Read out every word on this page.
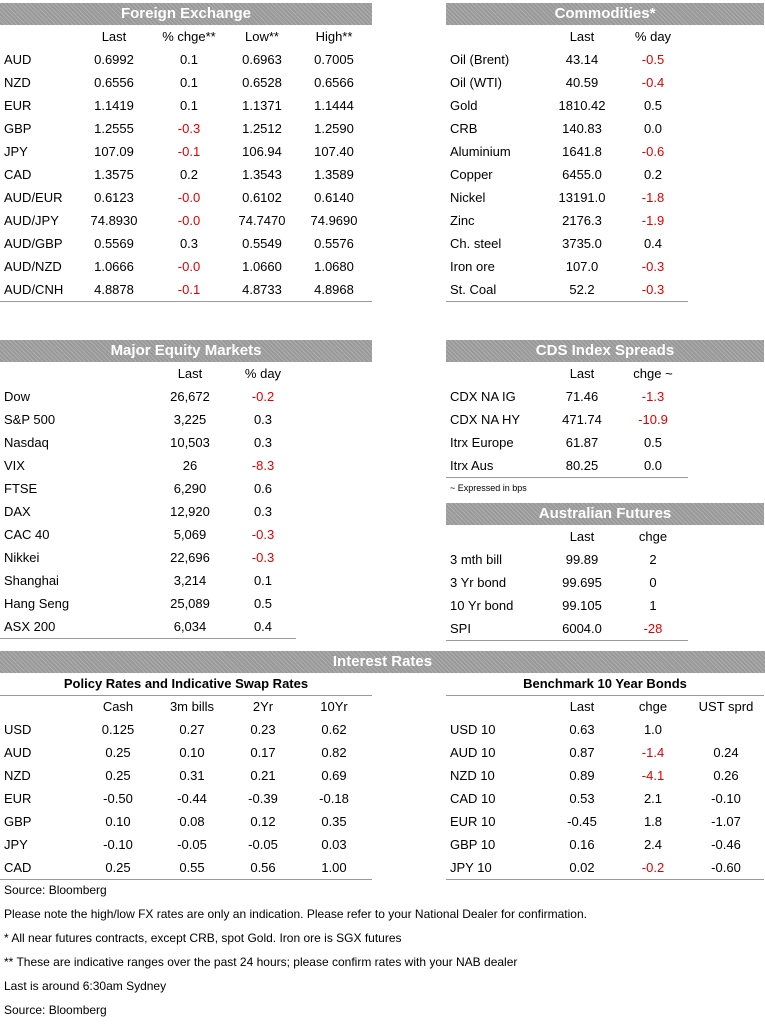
Foreign Exchange
	Last	% chge**	Low**	High**
AUD	0.6992	0.1	0.6963	0.7005
NZD	0.6556	0.1	0.6528	0.6566
EUR	1.1419	0.1	1.1371	1.1444
GBP	1.2555	-0.3	1.2512	1.2590
JPY	107.09	-0.1	106.94	107.40
CAD	1.3575	0.2	1.3543	1.3589
AUD/EUR	0.6123	-0.0	0.6102	0.6140
AUD/JPY	74.8930	-0.0	74.7470	74.9690
AUD/GBP	0.5569	0.3	0.5549	0.5576
AUD/NZD	1.0666	-0.0	1.0660	1.0680
AUD/CNH	4.8878	-0.1	4.8733	4.8968
Commodities*
	Last	% day
Oil (Brent)	43.14	-0.5
Oil (WTI)	40.59	-0.4
Gold	1810.42	0.5
CRB	140.83	0.0
Aluminium	1641.8	-0.6
Copper	6455.0	0.2
Nickel	13191.0	-1.8
Zinc	2176.3	-1.9
Ch. steel	3735.0	0.4
Iron ore	107.0	-0.3
St. Coal	52.2	-0.3
Major Equity Markets
	Last	% day
Dow	26,672	-0.2
S&P 500	3,225	0.3
Nasdaq	10,503	0.3
VIX	26	-8.3
FTSE	6,290	0.6
DAX	12,920	0.3
CAC 40	5,069	-0.3
Nikkei	22,696	-0.3
Shanghai	3,214	0.1
Hang Seng	25,089	0.5
ASX 200	6,034	0.4
CDS Index Spreads
	Last	chge ~
CDX NA IG	71.46	-1.3
CDX NA HY	471.74	-10.9
Itrx Europe	61.87	0.5
Itrx Aus	80.25	0.0
~ Expressed in bps
Australian Futures
	Last	chge
3 mth bill	99.89	2
3 Yr bond	99.695	0
10 Yr bond	99.105	1
SPI	6004.0	-28
Interest Rates
Policy Rates and Indicative Swap Rates
	Cash	3m bills	2Yr	10Yr
USD	0.125	0.27	0.23	0.62
AUD	0.25	0.10	0.17	0.82
NZD	0.25	0.31	0.21	0.69
EUR	-0.50	-0.44	-0.39	-0.18
GBP	0.10	0.08	0.12	0.35
JPY	-0.10	-0.05	-0.05	0.03
CAD	0.25	0.55	0.56	1.00
Benchmark 10 Year Bonds
	Last	chge	UST sprd
USD 10	0.63	1.0	
AUD 10	0.87	-1.4	0.24
NZD 10	0.89	-4.1	0.26
CAD 10	0.53	2.1	-0.10
EUR 10	-0.45	1.8	-1.07
GBP 10	0.16	2.4	-0.46
JPY 10	0.02	-0.2	-0.60
Source: Bloomberg
Please note the high/low FX rates are only an indication. Please refer to your National Dealer for confirmation.
* All near futures contracts, except CRB, spot Gold. Iron ore is SGX futures
** These are indicative ranges over the past 24 hours; please confirm rates with your NAB dealer
Last is around 6:30am Sydney
Source: Bloomberg
